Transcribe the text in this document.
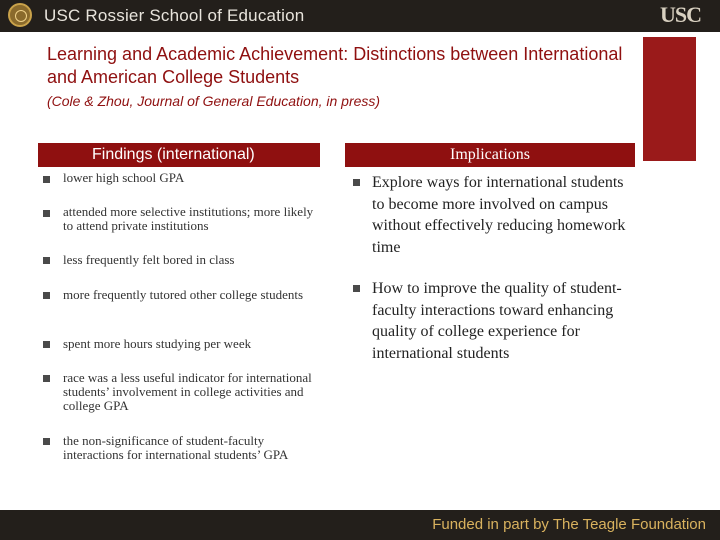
USC Rossier School of Education	USC
Learning and Academic Achievement: Distinctions between International and American College Students
(Cole & Zhou, Journal of General Education, in press)
Findings (international)	Implications
lower high school GPA
attended more selective institutions; more likely to attend private institutions
less frequently felt bored in class
more frequently tutored other college students
spent more hours studying per week
race was a less useful indicator for international students’ involvement in college activities and college GPA
the non-significance of student-faculty interactions for international students’ GPA
Explore ways for international students to become more involved on campus without effectively reducing homework time
How to improve the quality of student-faculty interactions toward enhancing quality of college experience for international students
Funded in part by The Teagle Foundation
